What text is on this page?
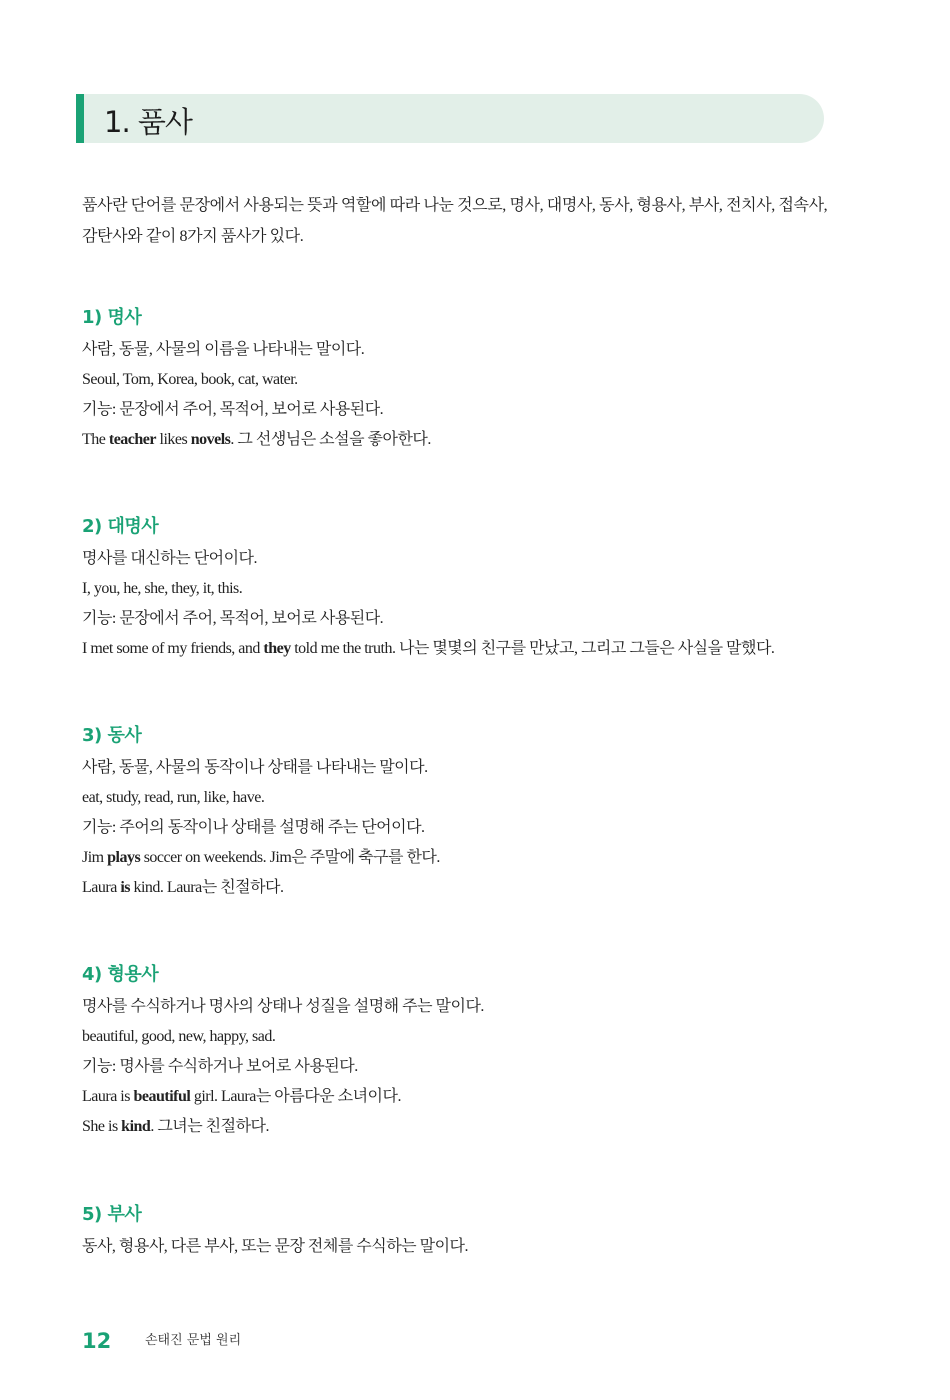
1. 품사
품사란 단어를 문장에서 사용되는 뜻과 역할에 따라 나눈 것으로, 명사, 대명사, 동사, 형용사, 부사, 전치사, 접속사, 감탄사와 같이 8가지 품사가 있다.
1) 명사
사람, 동물, 사물의 이름을 나타내는 말이다.
Seoul, Tom, Korea, book, cat, water.
기능: 문장에서 주어, 목적어, 보어로 사용된다.
The teacher likes novels. 그 선생님은 소설을 좋아한다.
2) 대명사
명사를 대신하는 단어이다.
I, you, he, she, they, it, this.
기능: 문장에서 주어, 목적어, 보어로 사용된다.
I met some of my friends, and they told me the truth. 나는 몇몇의 친구를 만났고, 그리고 그들은 사실을 말했다.
3) 동사
사람, 동물, 사물의 동작이나 상태를 나타내는 말이다.
eat, study, read, run, like, have.
기능: 주어의 동작이나 상태를 설명해 주는 단어이다.
Jim plays soccer on weekends. Jim은 주말에 축구를 한다.
Laura is kind. Laura는 친절하다.
4) 형용사
명사를 수식하거나 명사의 상태나 성질을 설명해 주는 말이다.
beautiful, good, new, happy, sad.
기능: 명사를 수식하거나 보어로 사용된다.
Laura is beautiful girl. Laura는 아름다운 소녀이다.
She is kind. 그녀는 친절하다.
5) 부사
동사, 형용사, 다른 부사, 또는 문장 전체를 수식하는 말이다.
12	손태진 문법 원리
